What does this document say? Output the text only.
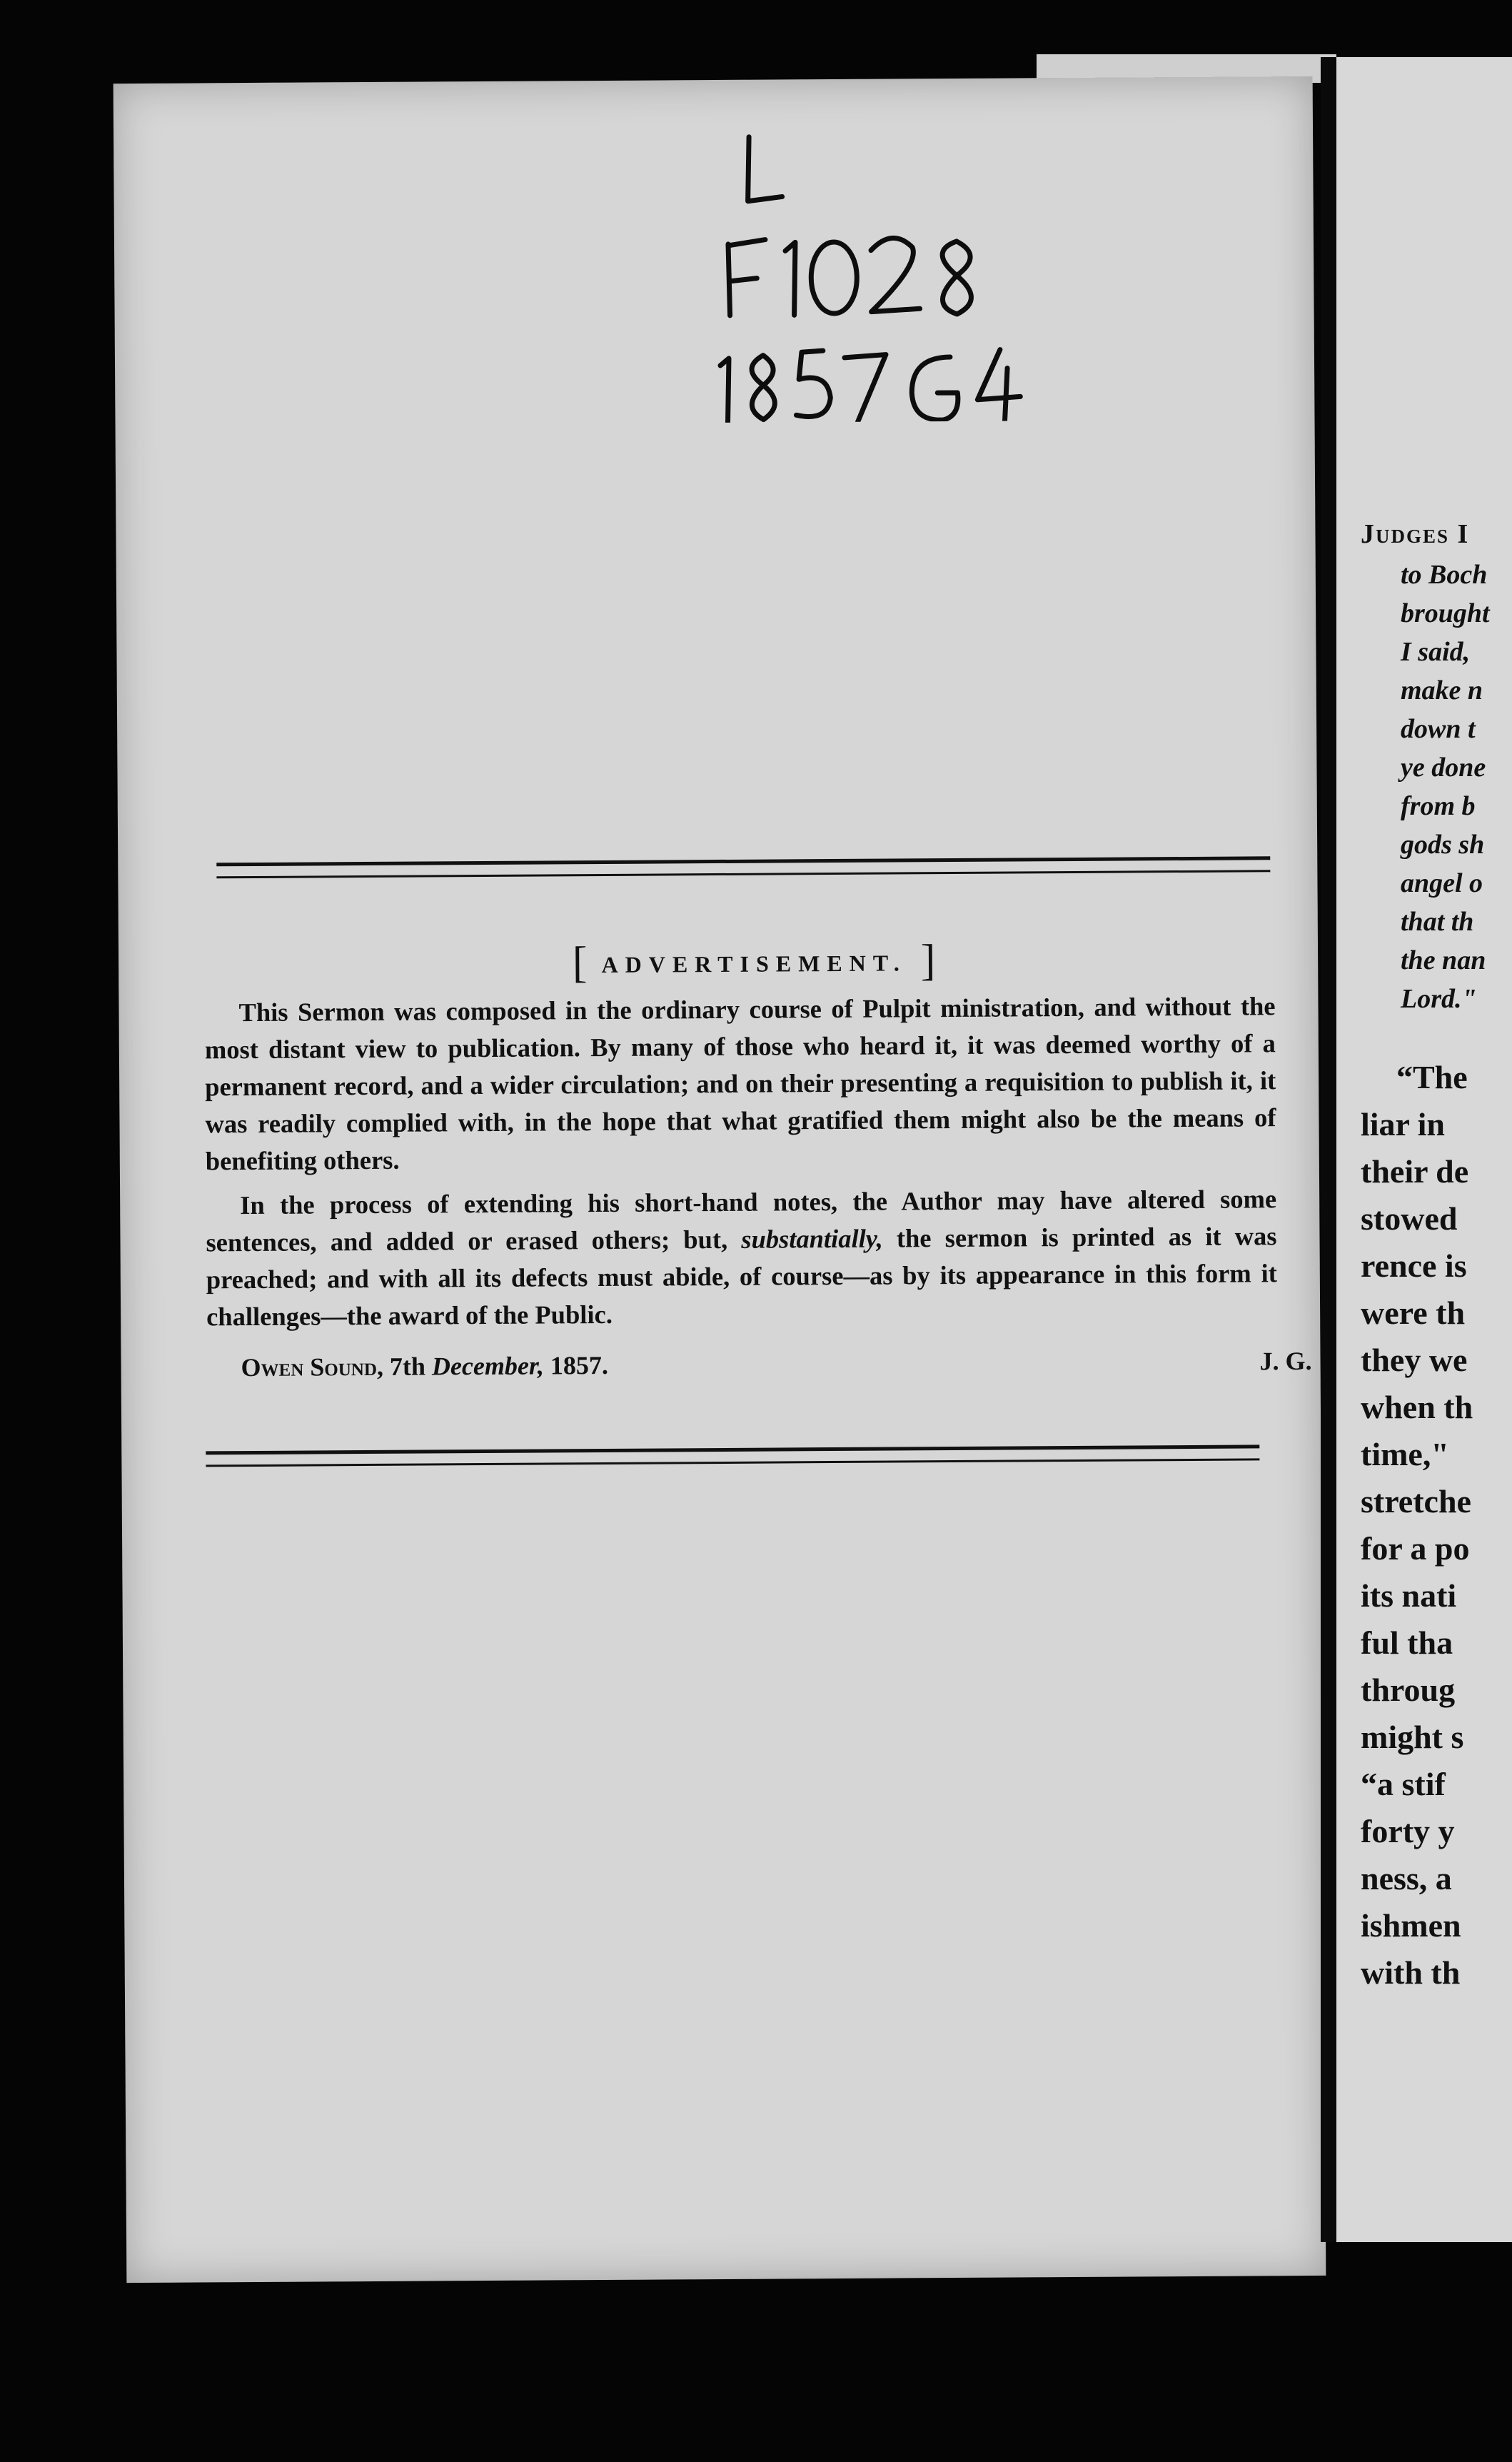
[ ADVERTISEMENT. ]

This Sermon was composed in the ordinary course of Pulpit ministration, and without the most distant view to publication. By many of those who heard it, it was deemed worthy of a permanent record, and a wider circulation; and on their presenting a requisition to publish it, it was readily complied with, in the hope that what gratified them might also be the means of benefiting others.

In the process of extending his short-hand notes, the Author may have altered some sentences, and added or erased others; but, substantially, the sermon is printed as it was preached; and with all its defects must abide, of course—as by its appearance in this form it challenges—the award of the Public.

Owen Sound, 7th December, 1857.	J. G.
Judges I
to Boch
brought
I said,
make n
down t
ye done
from b
gods sh
angel o
that th
the nan
Lord."
“The
liar in
their de
stowed
rence is
were th
they we
when th
time,"
stretche
for a po
its nati
ful tha
throug
might s
“a stif
forty y
ness, a
ishmen
with th
